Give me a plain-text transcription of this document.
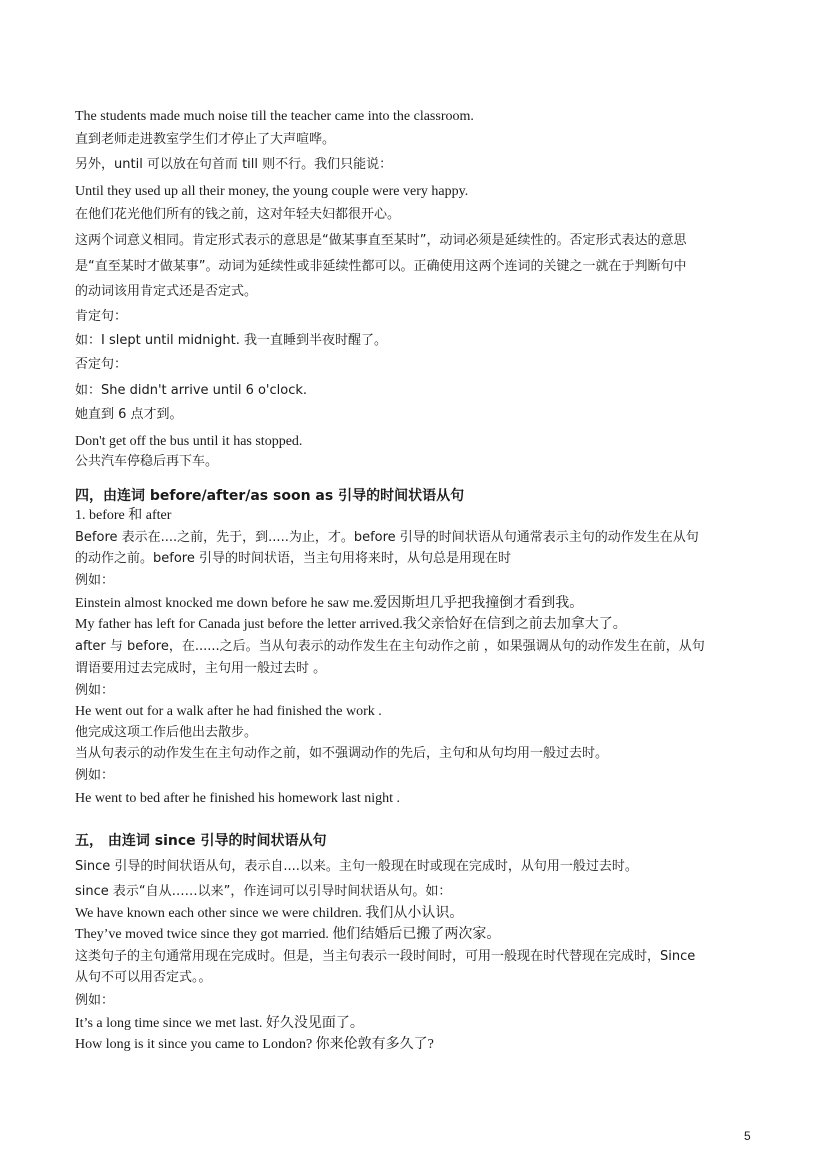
The students made much noise till the teacher came into the classroom.

直到老师走进教室学生们才停止了大声喧哗。

另外，until 可以放在句首而 till 则不行。我们只能说：

Until they used up all their money, the young couple were very happy.

在他们花光他们所有的钱之前，这对年轻夫妇都很开心。

这两个词意义相同。肯定形式表示的意思是“做某事直至某时”，动词必须是延续性的。否定形式表达的意思

是“直至某时才做某事”。动词为延续性或非延续性都可以。正确使用这两个连词的关键之一就在于判断句中

的动词该用肯定式还是否定式。

肯定句：

如：I slept until midnight. 我一直睡到半夜时醒了。

否定句：

如：She didn't arrive until 6 o'clock.

她直到 6 点才到。

Don't get off the bus until it has stopped.

公共汽车停稳后再下车。

四，由连词 before/after/as soon as 引导的时间状语从句

1. before 和 after

Before 表示在....之前，先于，到.....为止，才。before 引导的时间状语从句通常表示主句的动作发生在从句

的动作之前。before 引导的时间状语，当主句用将来时，从句总是用现在时

例如：

Einstein almost knocked me down before he saw me.爱因斯坦几乎把我撞倒才看到我。

My father has left for Canada just before the letter arrived.我父亲恰好在信到之前去加拿大了。

after 与 before，在......之后。当从句表示的动作发生在主句动作之前 ，如果强调从句的动作发生在前，从句

谓语要用过去完成时，主句用一般过去时 。

例如：

He went out for a walk after he had finished the work .

他完成这项工作后他出去散步。

当从句表示的动作发生在主句动作之前，如不强调动作的先后，主句和从句均用一般过去时。

例如：

He went to bed after he finished his homework last night .

五， 由连词 since 引导的时间状语从句

Since 引导的时间状语从句，表示自....以来。主句一般现在时或现在完成时，从句用一般过去时。

since 表示“自从……以来”，作连词可以引导时间状语从句。如：

We have known each other since we were children. 我们从小认识。

They’ve moved twice since they got married. 他们结婚后已搬了两次家。

这类句子的主句通常用现在完成时。但是，当主句表示一段时间时，可用一般现在时代替现在完成时，Since

从句不可以用否定式。。

例如：

It’s a long time since we met last. 好久没见面了。

How long is it since you came to London? 你来伦敦有多久了?

5
